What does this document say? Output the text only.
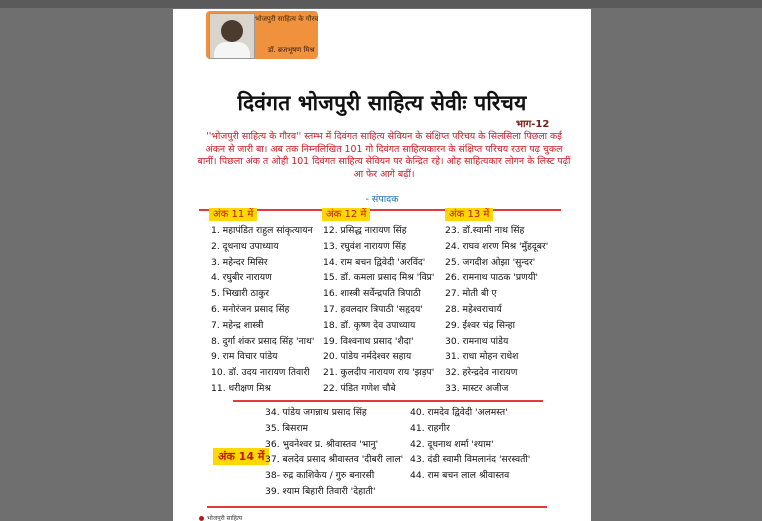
भोजपुरी साहित्य के गौरव
डॉ. ब्रजभूषण मिश्र
दिवंगत भोजपुरी साहित्य सेवीः परिचय
भाग-12
''भोजपुरी साहित्य के गौरव'' स्तम्भ में दिवंगत साहित्य सेवियन के संक्षिप्त परिचय के सिलसिला पिछला कई अंकन से जारी बा। अब तक निम्नलिखित 101 गो दिवंगत साहित्यकारन के संक्षिप्त परिचय रउरा पढ़ चुकल बानीं। पिछला अंक त ओही 101 दिवंगत साहित्य सेवियन पर केन्द्रित रहे। ओह साहित्यकार लोगन के लिस्ट पढ़ीं आ फेर आगे बढ़ीं।
- संपादक
अंक 11 में	अंक 12 में	अंक 13 में
1. महापंडित राहुल सांकृत्यायन
2. दूधनाथ उपाध्याय
3. महेन्दर मिसिर
4. रघुबीर नारायण
5. भिखारी ठाकुर
6. मनोरंजन प्रसाद सिंह
7. महेन्द्र शास्त्री
8. दुर्गा शंकर प्रसाद सिंह 'नाथ'
9. राम विचार पांडेय
10. डॉ. उदय नारायण तिवारी
11. धरीक्षण मिश्र
12. प्रसिद्ध नारायण सिंह
13. रघुवंश नारायण सिंह
14. राम बचन द्विवेदी 'अरविंद'
15. डॉ. कमला प्रसाद मिश्र 'विप्र'
16. शास्त्री सर्वेन्द्रपति त्रिपाठी
17. हवलदार त्रिपाठी 'सहृदय'
18. डॉ. कृष्ण देव उपाध्याय
19. विश्वनाथ प्रसाद 'शैदा'
20. पांडेय नर्मदेश्वर सहाय
21. कुलदीप नारायण राय 'झड़प'
22. पंडित गणेश चौबे
23. डॉ.स्वामी नाथ सिंह
24. राघव शरण मिश्र 'मुँहदूबर'
25. जगदीश ओझा 'सुन्दर'
26. रामनाथ पाठक 'प्रणयी'
27. मोती बी ए
28. महेश्वराचार्य
29. ईश्वर चंद्र सिन्हा
30. रामनाथ पांडेय
31. राधा मोहन राधेश
32. हरेन्द्रदेव नारायण
33. मास्टर अजीज
अंक 14 में
34. पांडेय जगन्नाथ प्रसाद सिंह
35. बिसराम
36. भुवनेश्वर प्र. श्रीवास्तव 'भानु'
37. बलदेव प्रसाद श्रीवास्तव 'दीबरी लाल'
38- रुद्र काशिकेय / गुरु बनारसी
39. श्याम बिहारी तिवारी 'देहाती'
40. रामदेव द्विवेदी 'अलमस्त'
41. राहगीर
42. दूधनाथ शर्मा 'श्याम'
43. दंडी स्वामी विमलानंद 'सरस्वती'
44. राम बचन लाल श्रीवास्तव
भोजपुरी साहित्य
